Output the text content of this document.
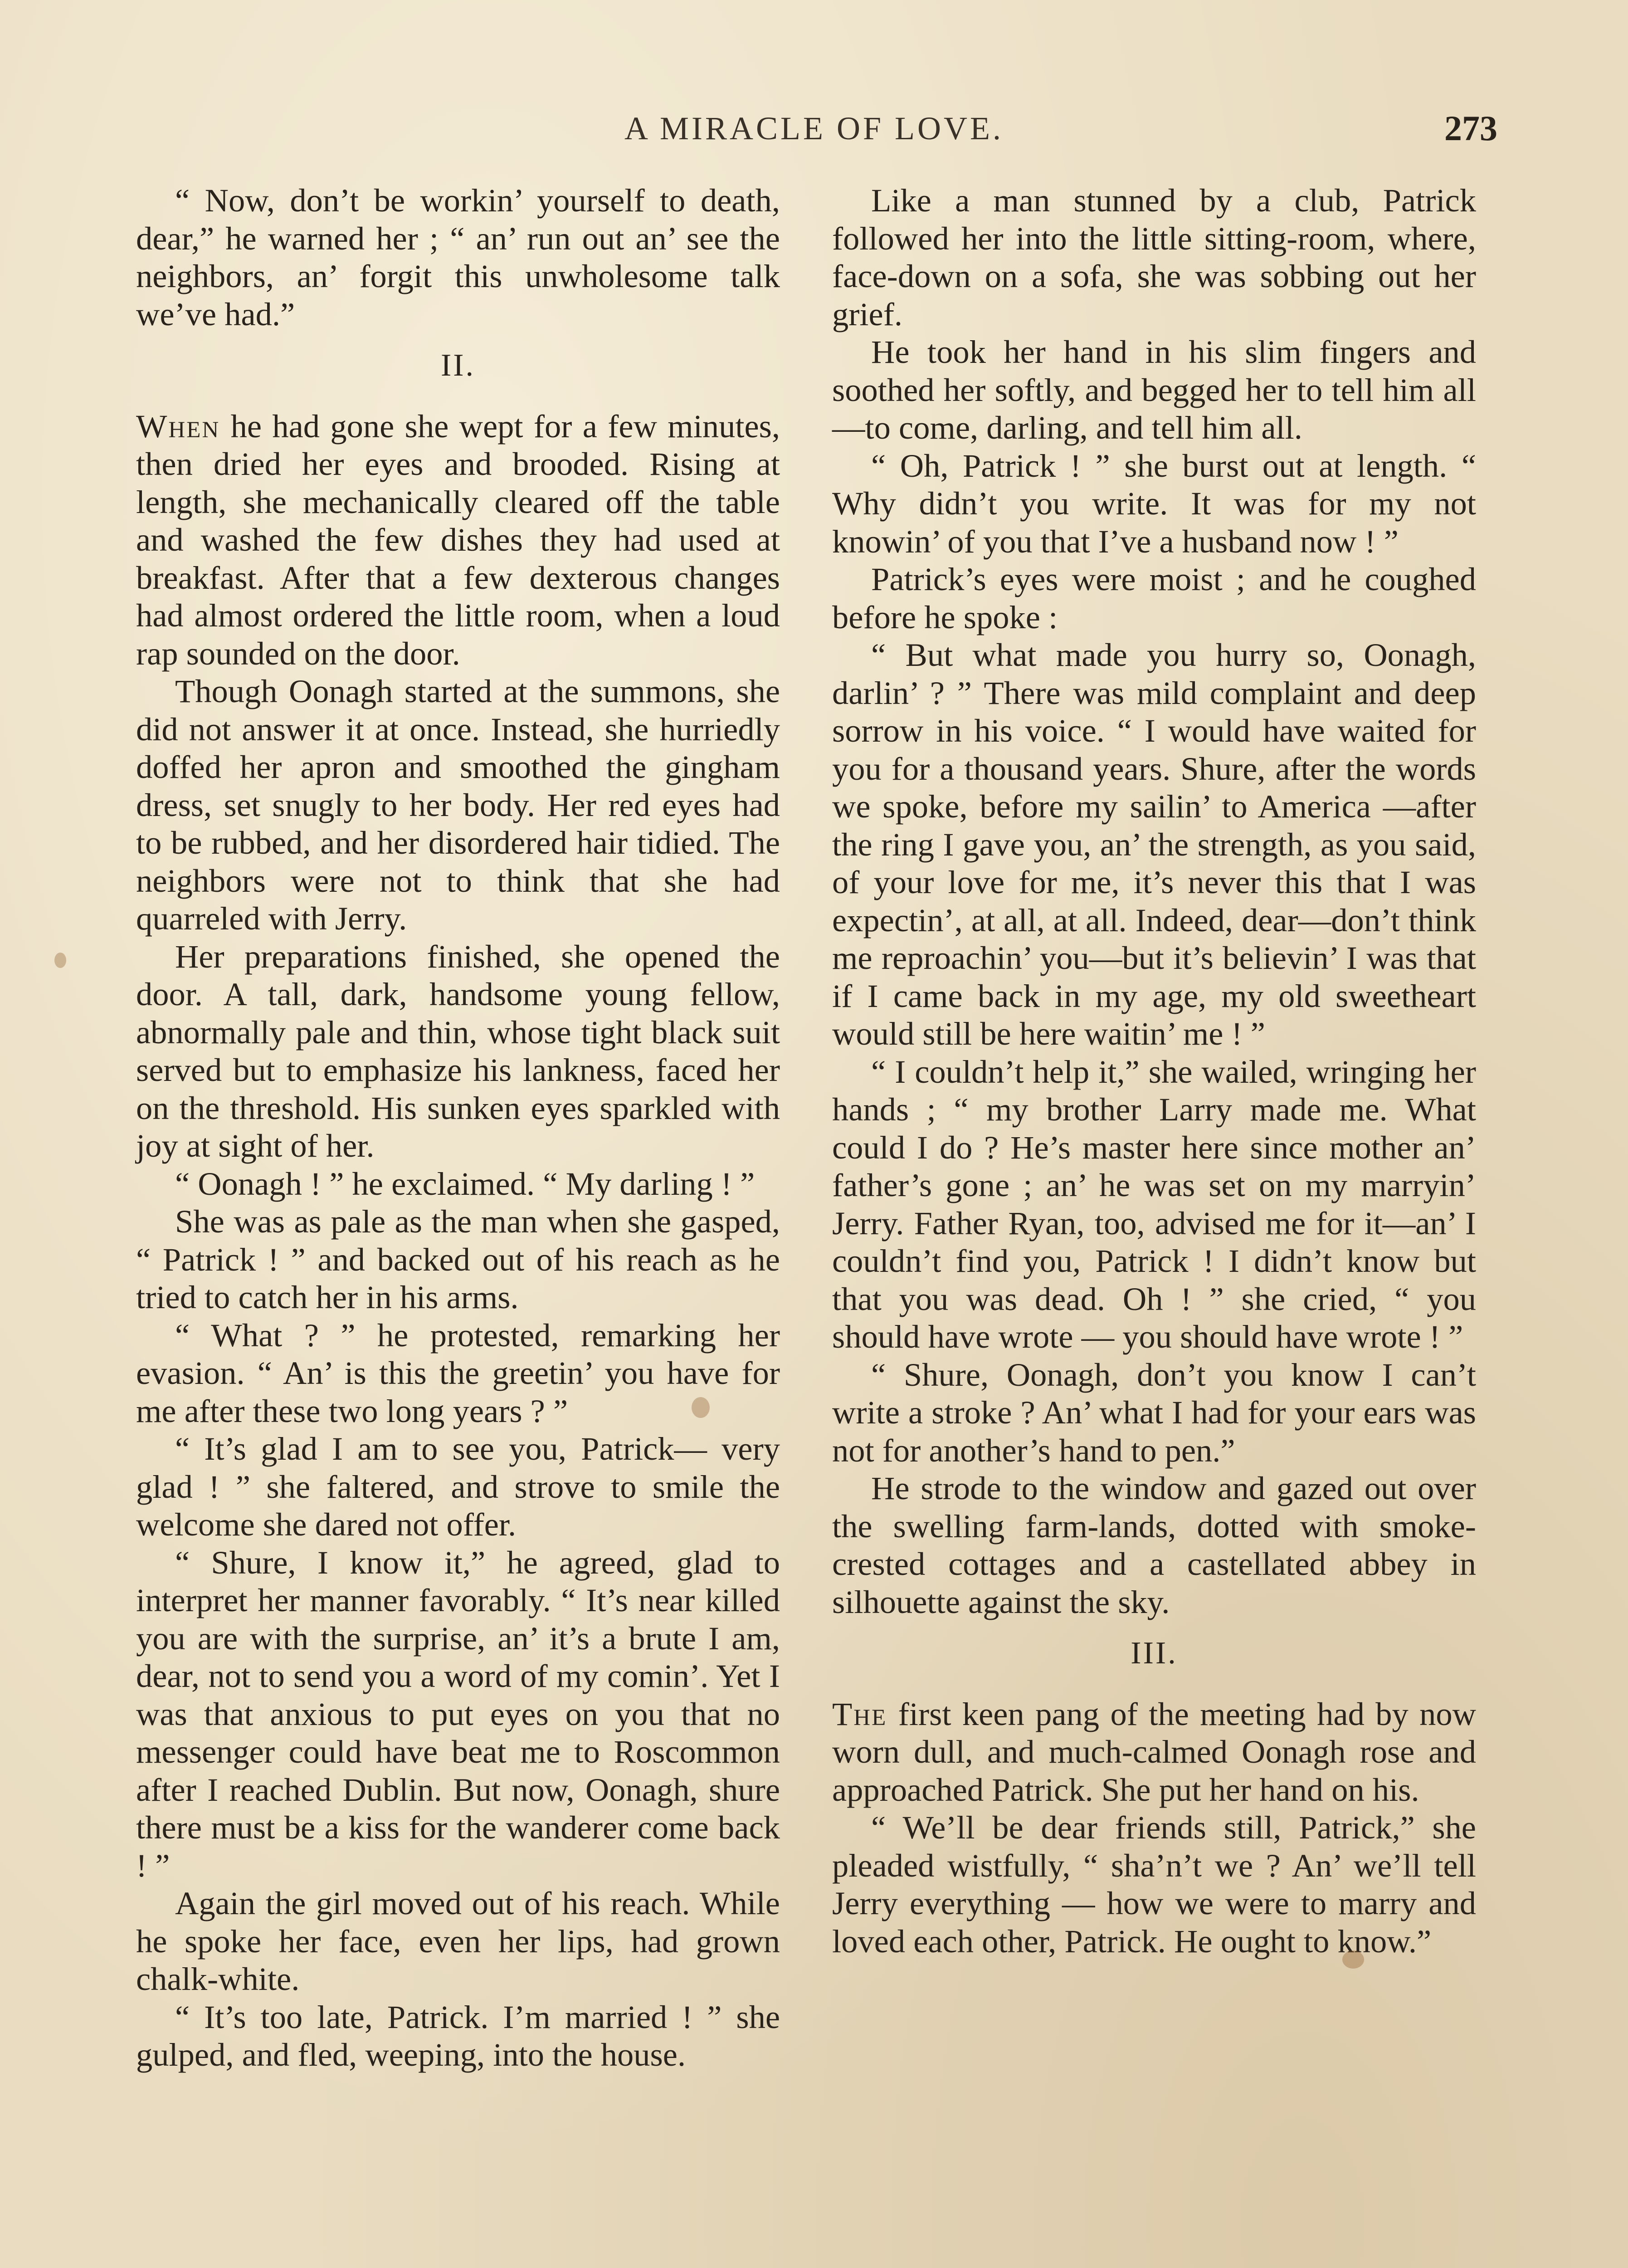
A MIRACLE OF LOVE.	273

“ Now, don’t be workin’ yourself to death, dear,” he warned her ; “ an’ run out an’ see the neighbors, an’ forgit this unwholesome talk we’ve had.”

II.

When he had gone she wept for a few minutes, then dried her eyes and brooded. Rising at length, she mechanically cleared off the table and washed the few dishes they had used at breakfast. After that a few dexterous changes had almost ordered the little room, when a loud rap sounded on the door.

Though Oonagh started at the summons, she did not answer it at once. Instead, she hurriedly doffed her apron and smoothed the gingham dress, set snugly to her body. Her red eyes had to be rubbed, and her disordered hair tidied. The neighbors were not to think that she had quarreled with Jerry.

Her preparations finished, she opened the door. A tall, dark, handsome young fellow, abnormally pale and thin, whose tight black suit served but to emphasize his lankness, faced her on the threshold. His sunken eyes sparkled with joy at sight of her.

“ Oonagh ! ” he exclaimed. “ My darling ! ”

She was as pale as the man when she gasped, “ Patrick ! ” and backed out of his reach as he tried to catch her in his arms.

“ What ? ” he protested, remarking her evasion. “ An’ is this the greetin’ you have for me after these two long years ? ”

“ It’s glad I am to see you, Patrick— very glad ! ” she faltered, and strove to smile the welcome she dared not offer.

“ Shure, I know it,” he agreed, glad to interpret her manner favorably. “ It’s near killed you are with the surprise, an’ it’s a brute I am, dear, not to send you a word of my comin’. Yet I was that anxious to put eyes on you that no messenger could have beat me to Roscommon after I reached Dublin. But now, Oonagh, shure there must be a kiss for the wanderer come back ! ”

Again the girl moved out of his reach. While he spoke her face, even her lips, had grown chalk-white.

“ It’s too late, Patrick. I’m married ! ” she gulped, and fled, weeping, into the house.

Like a man stunned by a club, Patrick followed her into the little sitting-room, where, face-down on a sofa, she was sobbing out her grief.

He took her hand in his slim fingers and soothed her softly, and begged her to tell him all—to come, darling, and tell him all.

“ Oh, Patrick ! ” she burst out at length. “ Why didn’t you write. It was for my not knowin’ of you that I’ve a husband now ! ”

Patrick’s eyes were moist ; and he coughed before he spoke :

“ But what made you hurry so, Oonagh, darlin’ ? ” There was mild complaint and deep sorrow in his voice. “ I would have waited for you for a thousand years. Shure, after the words we spoke, before my sailin’ to America —after the ring I gave you, an’ the strength, as you said, of your love for me, it’s never this that I was expectin’, at all, at all. Indeed, dear—don’t think me reproachin’ you—but it’s believin’ I was that if I came back in my age, my old sweetheart would still be here waitin’ me ! ”

“ I couldn’t help it,” she wailed, wringing her hands ; “ my brother Larry made me. What could I do ? He’s master here since mother an’ father’s gone ; an’ he was set on my marryin’ Jerry. Father Ryan, too, advised me for it—an’ I couldn’t find you, Patrick ! I didn’t know but that you was dead. Oh ! ” she cried, “ you should have wrote — you should have wrote ! ”

“ Shure, Oonagh, don’t you know I can’t write a stroke ? An’ what I had for your ears was not for another’s hand to pen.”

He strode to the window and gazed out over the swelling farm-lands, dotted with smoke-crested cottages and a castellated abbey in silhouette against the sky.

III.

The first keen pang of the meeting had by now worn dull, and much-calmed Oonagh rose and approached Patrick. She put her hand on his.

“ We’ll be dear friends still, Patrick,” she pleaded wistfully, “ sha’n’t we ? An’ we’ll tell Jerry everything — how we were to marry and loved each other, Patrick. He ought to know.”
